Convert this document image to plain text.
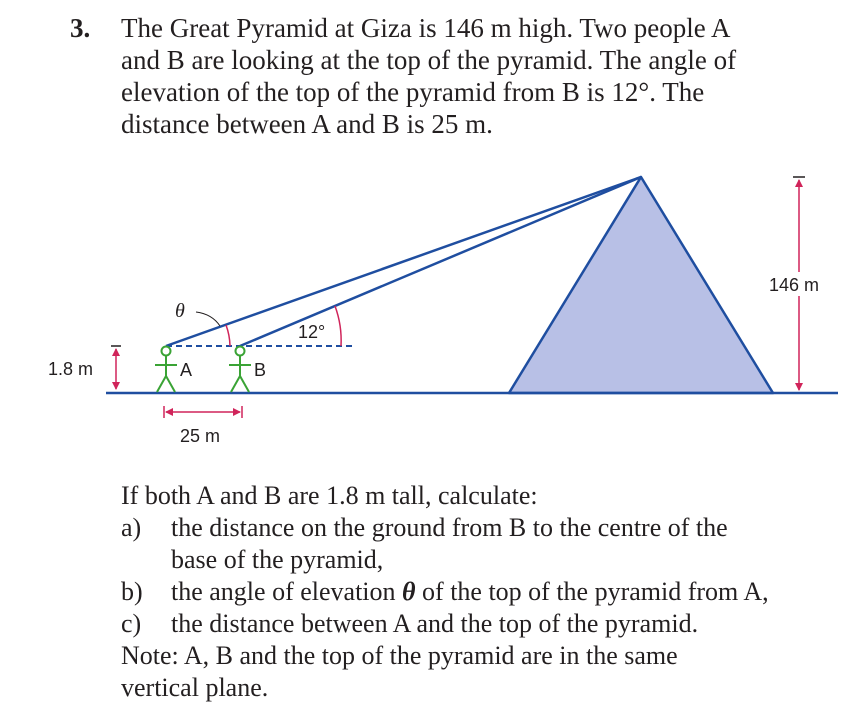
3. The Great Pyramid at Giza is 146 m high. Two people A

and B are looking at the top of the pyramid. The angle of

elevation of the top of the pyramid from B is 12°. The

distance between A and B is 25 m.

θ
12°
A	B
1.8 m
25 m
146 m

If both A and B are 1.8 m tall, calculate:

a) the distance on the ground from B to the centre of the

base of the pyramid,

b) the angle of elevation θ of the top of the pyramid from A,

c) the distance between A and the top of the pyramid.

Note: A, B and the top of the pyramid are in the same

vertical plane.
